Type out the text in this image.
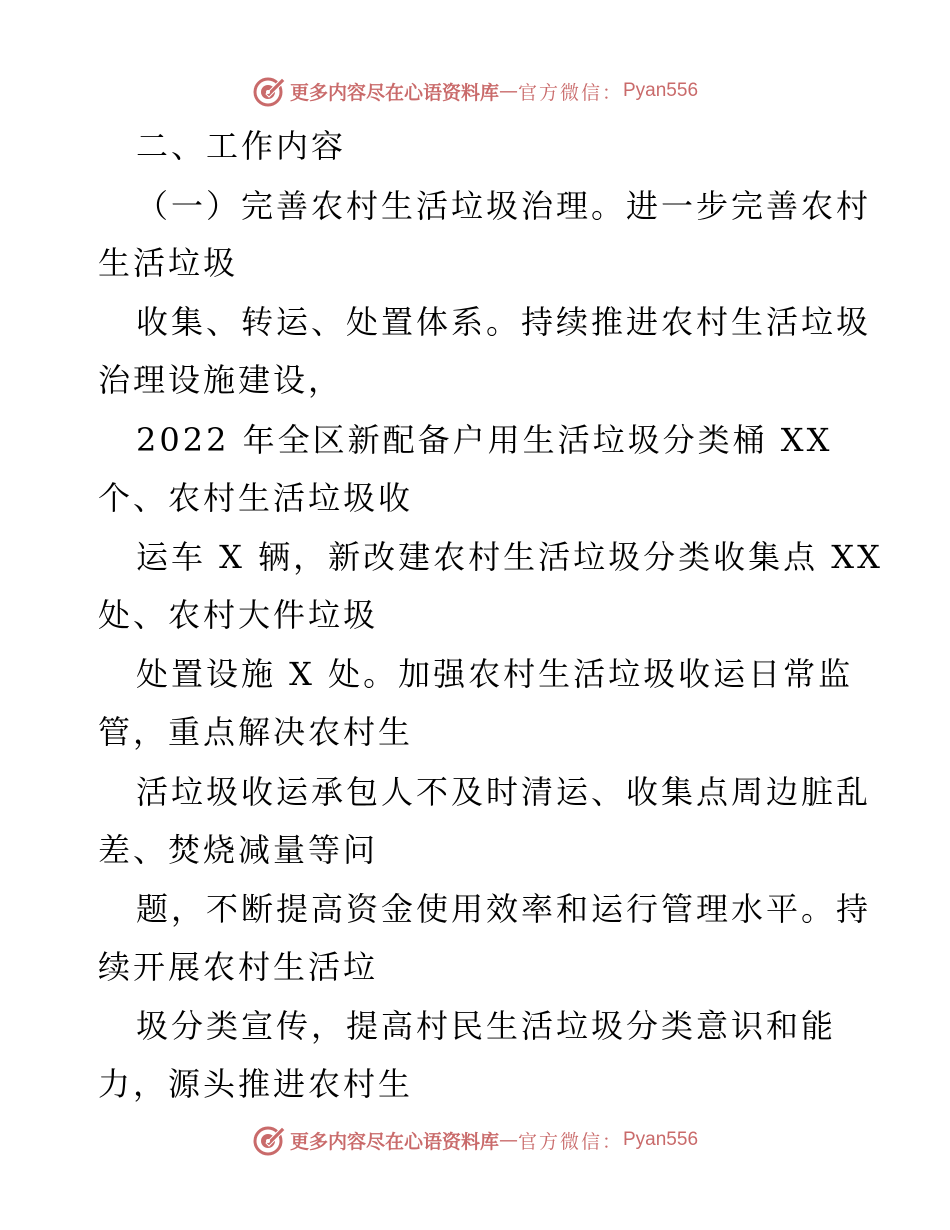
更多内容尽在心语资料库 — 官方微信： Pyan556
二、工作内容
（一）完善农村生活垃圾治理。进一步完善农村
生活垃圾
收集、转运、处置体系。持续推进农村生活垃圾
治理设施建设，
2022 年全区新配备户用生活垃圾分类桶 XX
个、农村生活垃圾收
运车 X 辆，新改建农村生活垃圾分类收集点 XX
处、农村大件垃圾
处置设施 X 处。加强农村生活垃圾收运日常监
管，重点解决农村生
活垃圾收运承包人不及时清运、收集点周边脏乱
差、焚烧减量等问
题，不断提高资金使用效率和运行管理水平。持
续开展农村生活垃
圾分类宣传，提高村民生活垃圾分类意识和能
力，源头推进农村生
更多内容尽在心语资料库 — 官方微信： Pyan556
